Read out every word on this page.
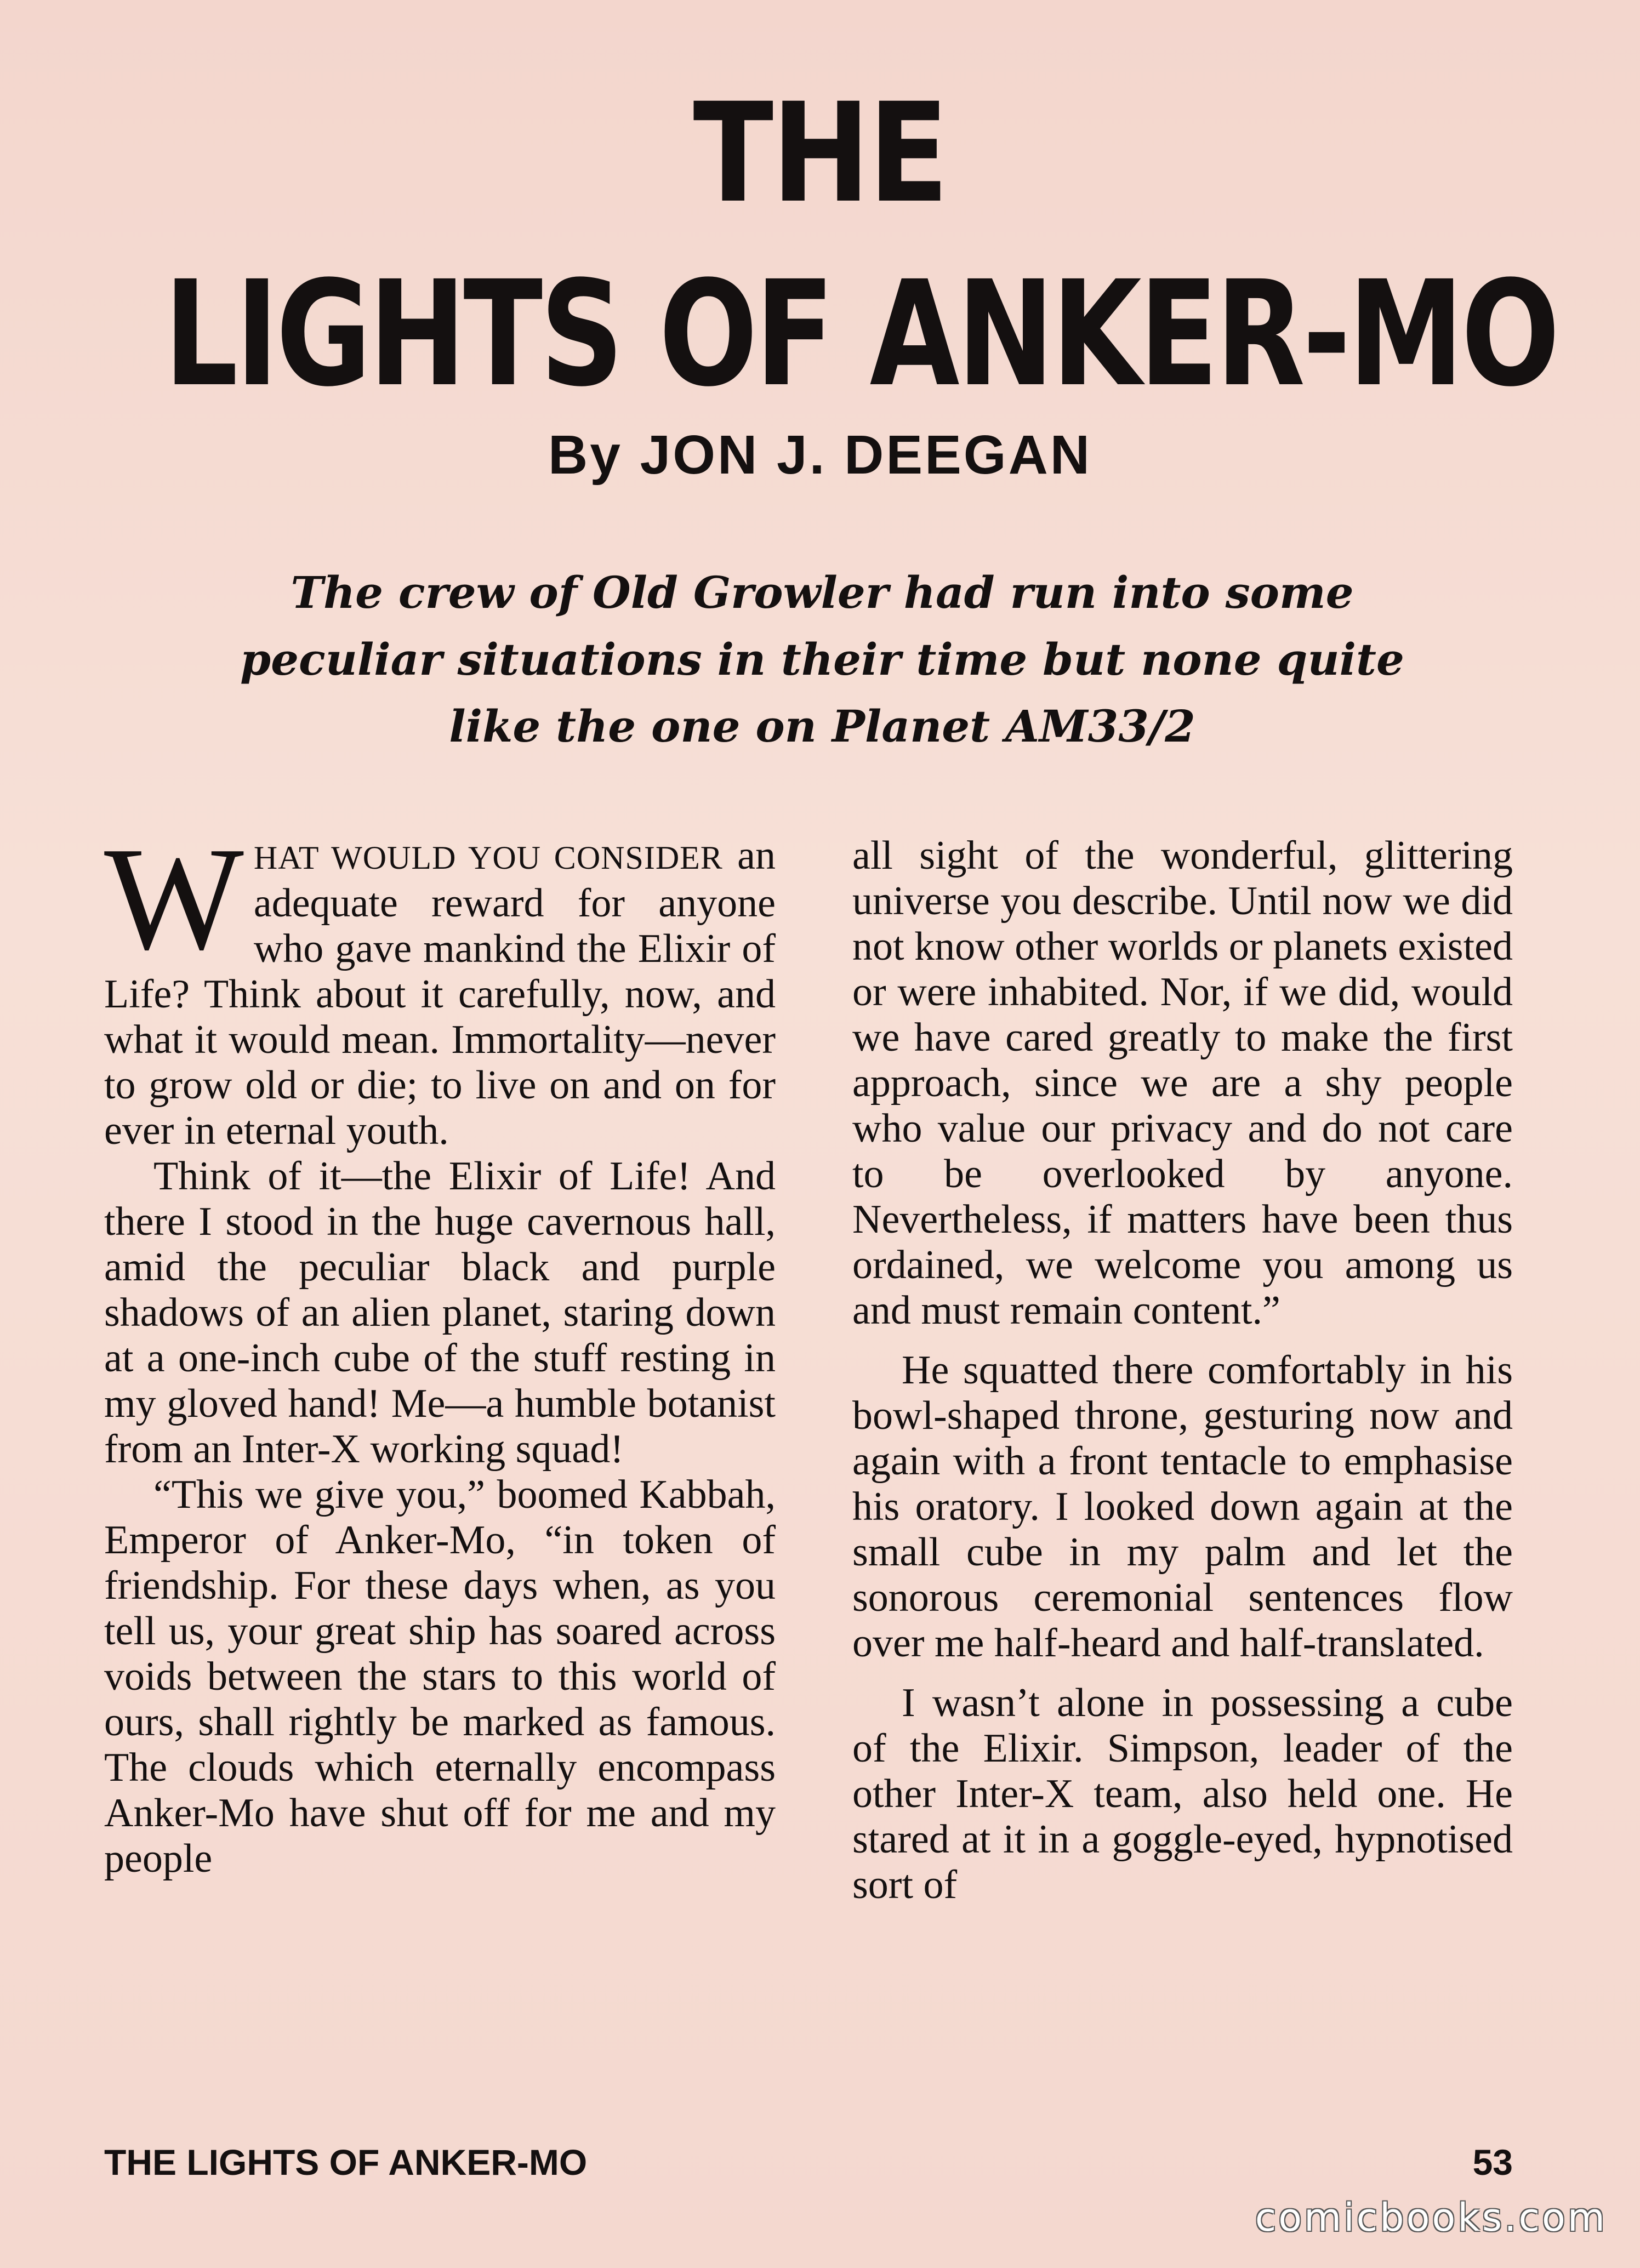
THE
LIGHTS OF ANKER-MO
By JON J. DEEGAN
The crew of Old Growler had run into some peculiar situations in their time but none quite like the one on Planet AM33/2

WHAT WOULD YOU CONSIDER an adequate reward for anyone who gave mankind the Elixir of Life? Think about it carefully, now, and what it would mean. Immortality—never to grow old or die; to live on and on for ever in eternal youth.

Think of it—the Elixir of Life! And there I stood in the huge cavernous hall, amid the peculiar black and purple shadows of an alien planet, staring down at a one-inch cube of the stuff resting in my gloved hand! Me—a humble botanist from an Inter-X working squad!

“This we give you,” boomed Kabbah, Emperor of Anker-Mo, “in token of friendship. For these days when, as you tell us, your great ship has soared across voids between the stars to this world of ours, shall rightly be marked as famous. The clouds which eternally encompass Anker-Mo have shut off for me and my people

all sight of the wonderful, glittering universe you describe. Until now we did not know other worlds or planets existed or were inhabited. Nor, if we did, would we have cared greatly to make the first approach, since we are a shy people who value our privacy and do not care to be overlooked by anyone. Nevertheless, if matters have been thus ordained, we welcome you among us and must remain content.”

He squatted there comfortably in his bowl-shaped throne, gesturing now and again with a front tentacle to emphasise his oratory. I looked down again at the small cube in my palm and let the sonorous ceremonial sentences flow over me half-heard and half-translated.

I wasn’t alone in possessing a cube of the Elixir. Simpson, leader of the other Inter-X team, also held one. He stared at it in a goggle-eyed, hypnotised sort of

THE LIGHTS OF ANKER-MO	53
comicbooks.com
